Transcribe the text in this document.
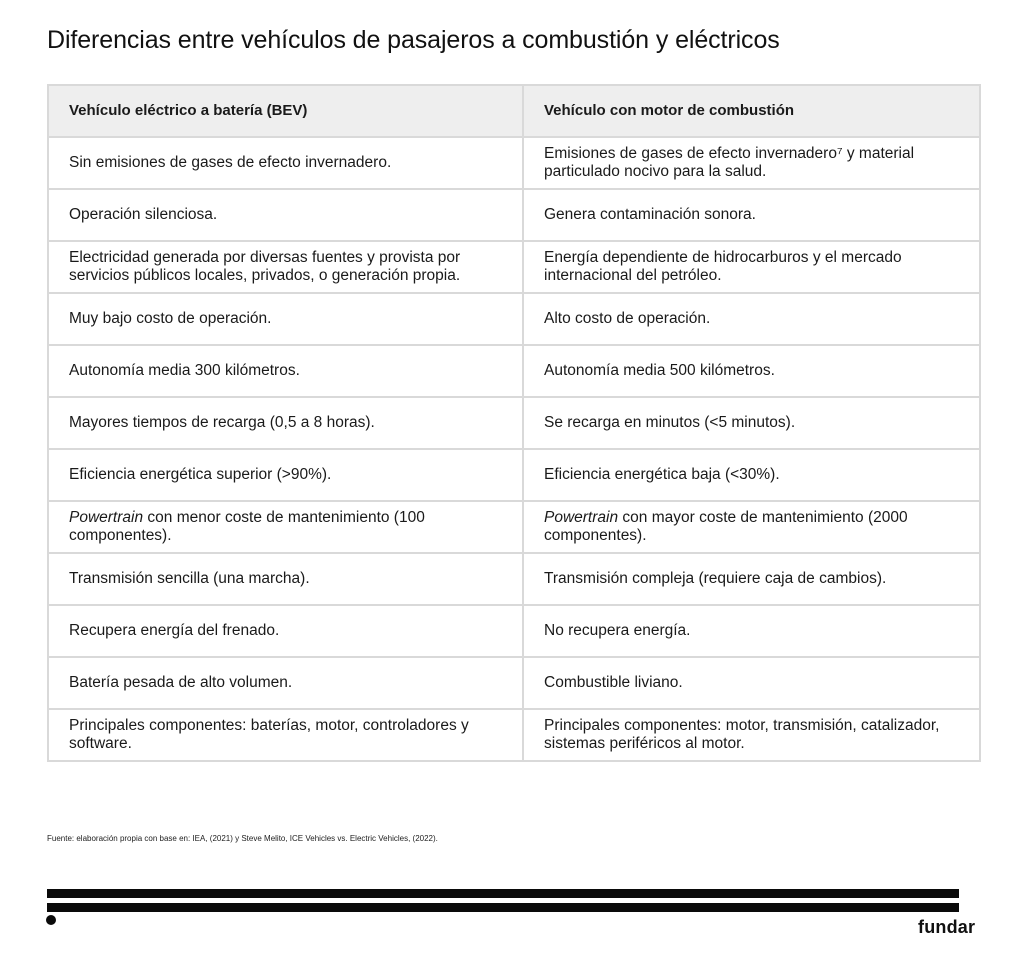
Diferencias entre vehículos de pasajeros a combustión y eléctricos
Vehículo eléctrico a batería (BEV)	Vehículo con motor de combustión
Sin emisiones de gases de efecto invernadero.	Emisiones de gases de efecto invernadero⁷ y material particulado nocivo para la salud.
Operación silenciosa.	Genera contaminación sonora.
Electricidad generada por diversas fuentes y provista por servicios públicos locales, privados, o generación propia.	Energía dependiente de hidrocarburos y el mercado internacional del petróleo.
Muy bajo costo de operación.	Alto costo de operación.
Autonomía media 300 kilómetros.	Autonomía media 500 kilómetros.
Mayores tiempos de recarga (0,5 a 8 horas).	Se recarga en minutos (<5 minutos).
Eficiencia energética superior (>90%).	Eficiencia energética baja (<30%).
Powertrain con menor coste de mantenimiento (100 componentes).	Powertrain con mayor coste de mantenimiento (2000 componentes).
Transmisión sencilla (una marcha).	Transmisión compleja (requiere caja de cambios).
Recupera energía del frenado.	No recupera energía.
Batería pesada de alto volumen.	Combustible liviano.
Principales componentes: baterías, motor, controladores y software.	Principales componentes: motor, transmisión, catalizador, sistemas periféricos al motor.
Fuente: elaboración propia con base en: IEA, (2021) y Steve Melito, ICE Vehicles vs. Electric Vehicles, (2022).
fundar
